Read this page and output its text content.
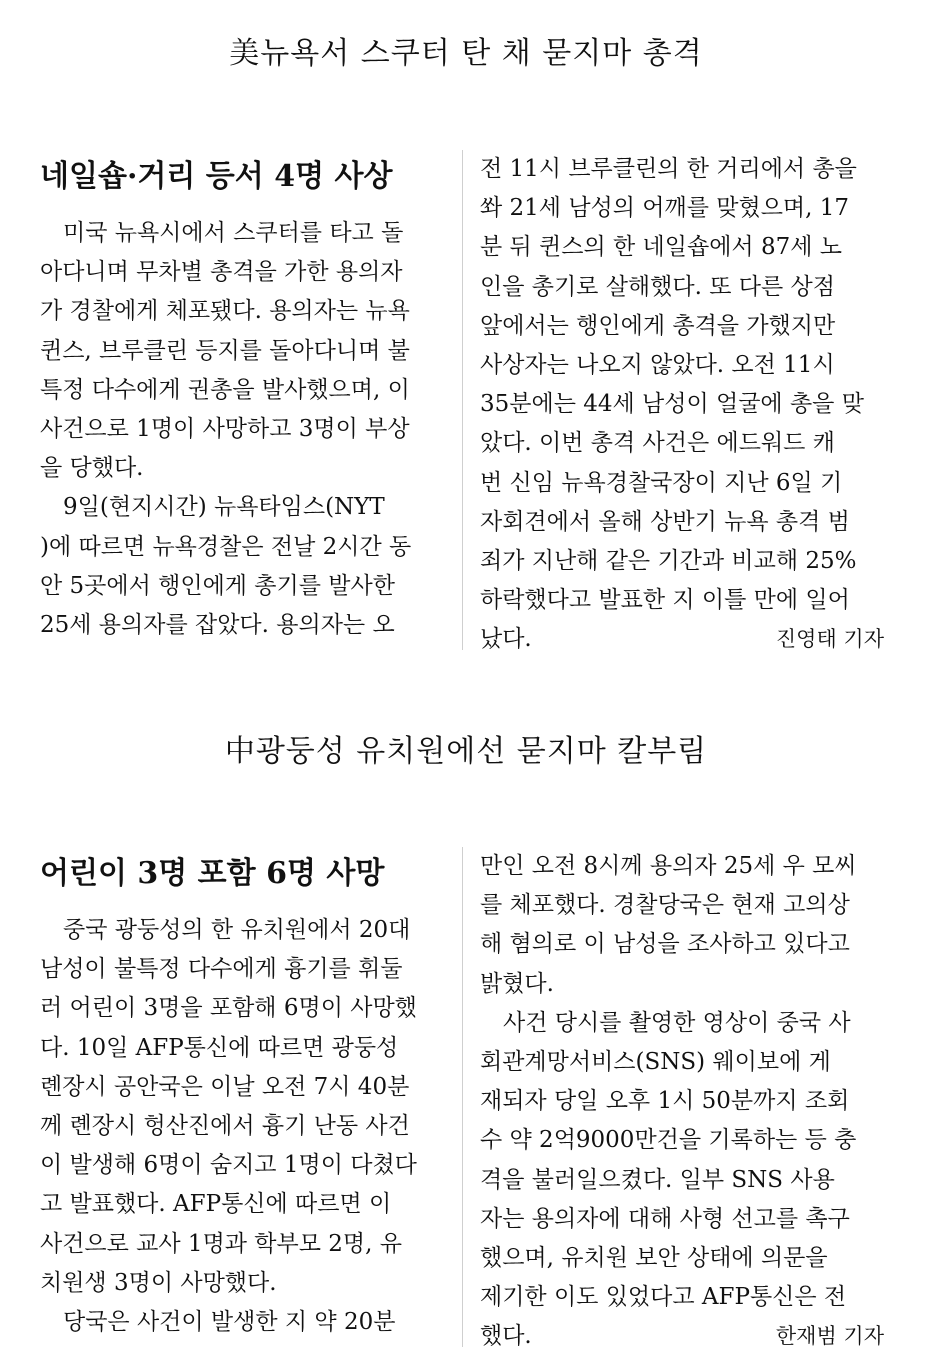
美뉴욕서 스쿠터 탄 채 묻지마 총격
네일숍·거리 등서 4명 사상
　미국 뉴욕시에서 스쿠터를 타고 돌
아다니며 무차별 총격을 가한 용의자
가 경찰에게 체포됐다. 용의자는 뉴욕
퀸스, 브루클린 등지를 돌아다니며 불
특정 다수에게 권총을 발사했으며, 이
사건으로 1명이 사망하고 3명이 부상
을 당했다.
　9일(현지시간) 뉴욕타임스(NYT
)에 따르면 뉴욕경찰은 전날 2시간 동
안 5곳에서 행인에게 총기를 발사한
25세 용의자를 잡았다. 용의자는 오
전 11시 브루클린의 한 거리에서 총을
쏴 21세 남성의 어깨를 맞혔으며, 17
분 뒤 퀸스의 한 네일숍에서 87세 노
인을 총기로 살해했다. 또 다른 상점
앞에서는 행인에게 총격을 가했지만
사상자는 나오지 않았다. 오전 11시
35분에는 44세 남성이 얼굴에 총을 맞
았다. 이번 총격 사건은 에드워드 캐
번 신임 뉴욕경찰국장이 지난 6일 기
자회견에서 올해 상반기 뉴욕 총격 범
죄가 지난해 같은 기간과 비교해 25%
하락했다고 발표한 지 이틀 만에 일어
났다.	진영태 기자
中광둥성 유치원에선 묻지마 칼부림
어린이 3명 포함 6명 사망
　중국 광둥성의 한 유치원에서 20대
남성이 불특정 다수에게 흉기를 휘둘
러 어린이 3명을 포함해 6명이 사망했
다. 10일 AFP통신에 따르면 광둥성
롄장시 공안국은 이날 오전 7시 40분
께 롄장시 헝산진에서 흉기 난동 사건
이 발생해 6명이 숨지고 1명이 다쳤다
고 발표했다. AFP통신에 따르면 이
사건으로 교사 1명과 학부모 2명, 유
치원생 3명이 사망했다.
　당국은 사건이 발생한 지 약 20분
만인 오전 8시께 용의자 25세 우 모씨
를 체포했다. 경찰당국은 현재 고의상
해 혐의로 이 남성을 조사하고 있다고
밝혔다.
　사건 당시를 촬영한 영상이 중국 사
회관계망서비스(SNS) 웨이보에 게
재되자 당일 오후 1시 50분까지 조회
수 약 2억9000만건을 기록하는 등 충
격을 불러일으켰다. 일부 SNS 사용
자는 용의자에 대해 사형 선고를 촉구
했으며, 유치원 보안 상태에 의문을
제기한 이도 있었다고 AFP통신은 전
했다.	한재범 기자
